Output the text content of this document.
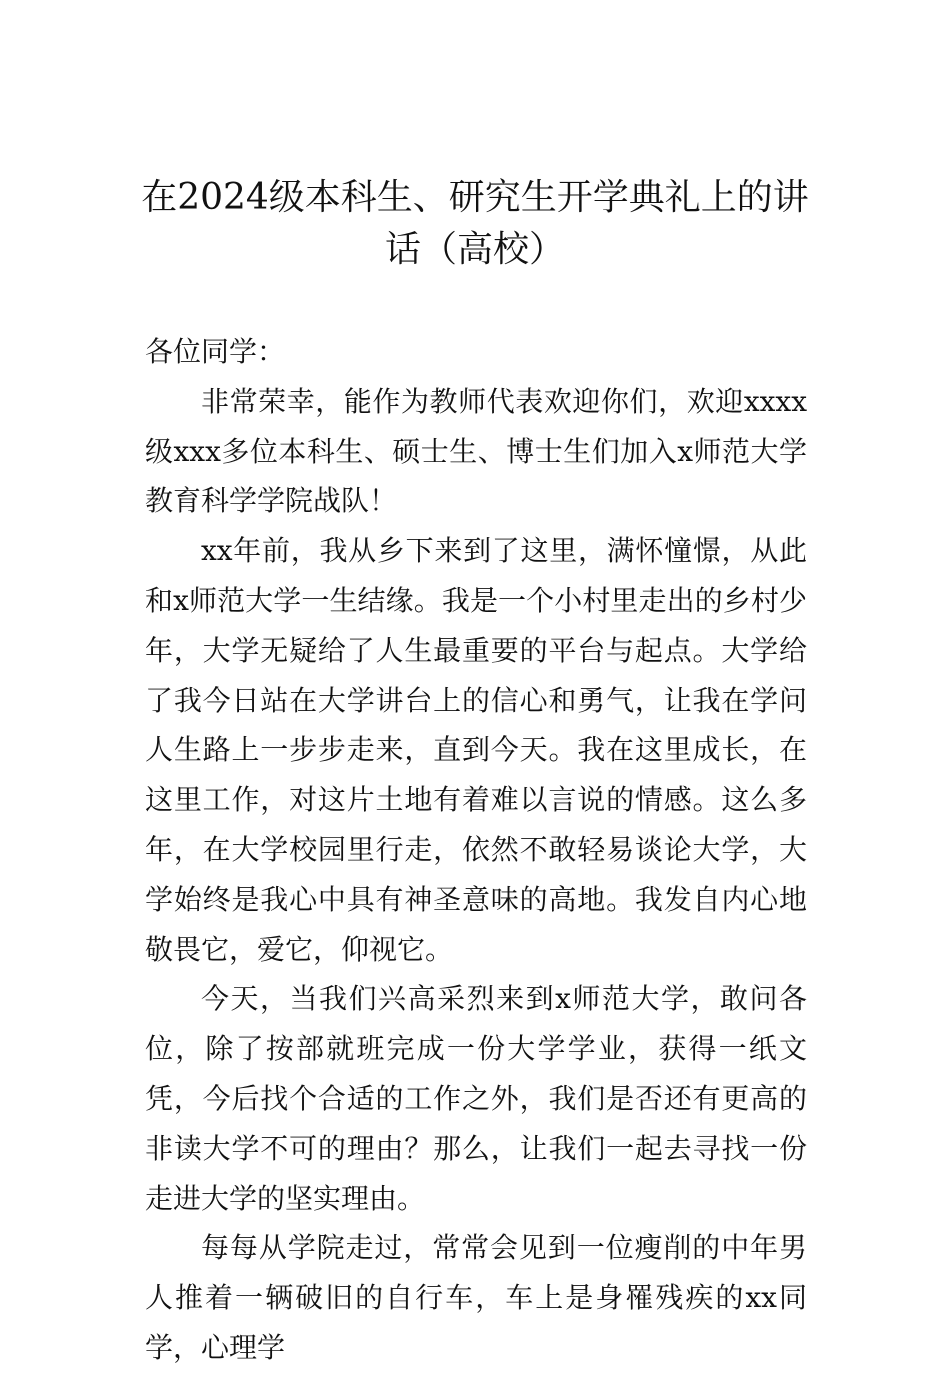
在2024级本科生、研究生开学典礼上的讲话（高校）

各位同学：

非常荣幸，能作为教师代表欢迎你们，欢迎xxxx级xxx多位本科生、硕士生、博士生们加入x师范大学教育科学学院战队！

xx年前，我从乡下来到了这里，满怀憧憬，从此和x师范大学一生结缘。我是一个小村里走出的乡村少年，大学无疑给了人生最重要的平台与起点。大学给了我今日站在大学讲台上的信心和勇气，让我在学问人生路上一步步走来，直到今天。我在这里成长，在这里工作，对这片土地有着难以言说的情感。这么多年，在大学校园里行走，依然不敢轻易谈论大学，大学始终是我心中具有神圣意味的高地。我发自内心地敬畏它，爱它，仰视它。

今天，当我们兴高采烈来到x师范大学，敢问各位，除了按部就班完成一份大学学业，获得一纸文凭，今后找个合适的工作之外，我们是否还有更高的非读大学不可的理由？那么，让我们一起去寻找一份走进大学的坚实理由。

每每从学院走过，常常会见到一位瘦削的中年男人推着一辆破旧的自行车，车上是身罹残疾的xx同学，心理学
